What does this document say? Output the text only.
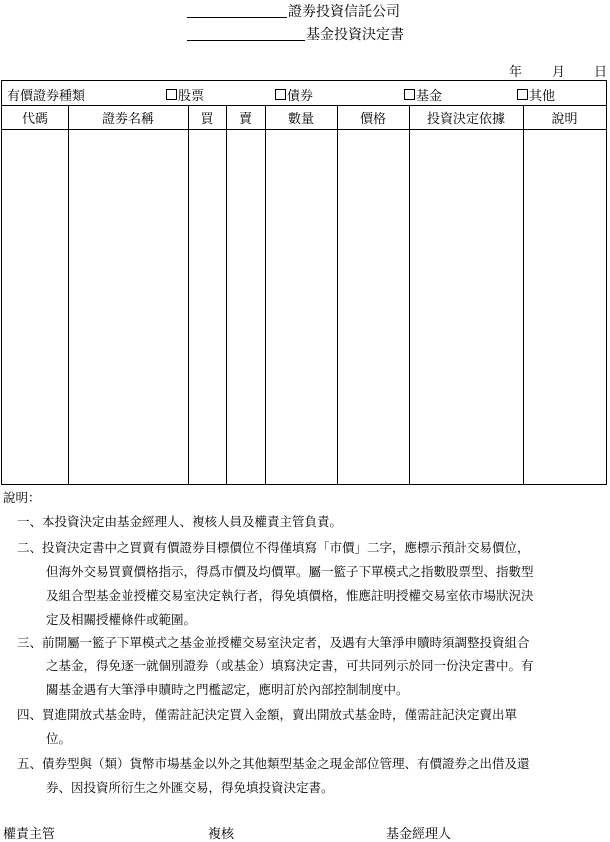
證劵投資信託公司
基金投資決定書
年 月 日
有價證券種類	股票	債券	基金	其他
代碼	證劵名稱	買	賣	數量	價格	投資決定依據	說明
說明：
一、本投資決定由基金經理人、複核人員及權責主管負責。
二、投資決定書中之買賣有價證券目標價位不得僅填寫「市價」二字，應標示預計交易價位，
但海外交易買賣價格指示，得爲市價及均價單。屬一籃子下單模式之指數股票型、指數型
及組合型基金並授權交易室決定執行者，得免填價格，惟應註明授權交易室依市場狀況決
定及相關授權條件或範圍。
三、前開屬一籃子下單模式之基金並授權交易室決定者，及遇有大筆淨申贖時須調整投資組合
之基金，得免逐一就個別證券（或基金）填寫決定書，可共同列示於同一份決定書中。有
關基金遇有大筆淨申贖時之門檻認定，應明訂於內部控制制度中。
四、買進開放式基金時，僅需註記決定買入金額，賣出開放式基金時，僅需註記決定賣出單
位。
五、債券型與（類）貨幣市場基金以外之其他類型基金之現金部位管理、有價證券之出借及還
券、因投資所衍生之外匯交易，得免填投資決定書。
權責主管	複核	基金經理人
